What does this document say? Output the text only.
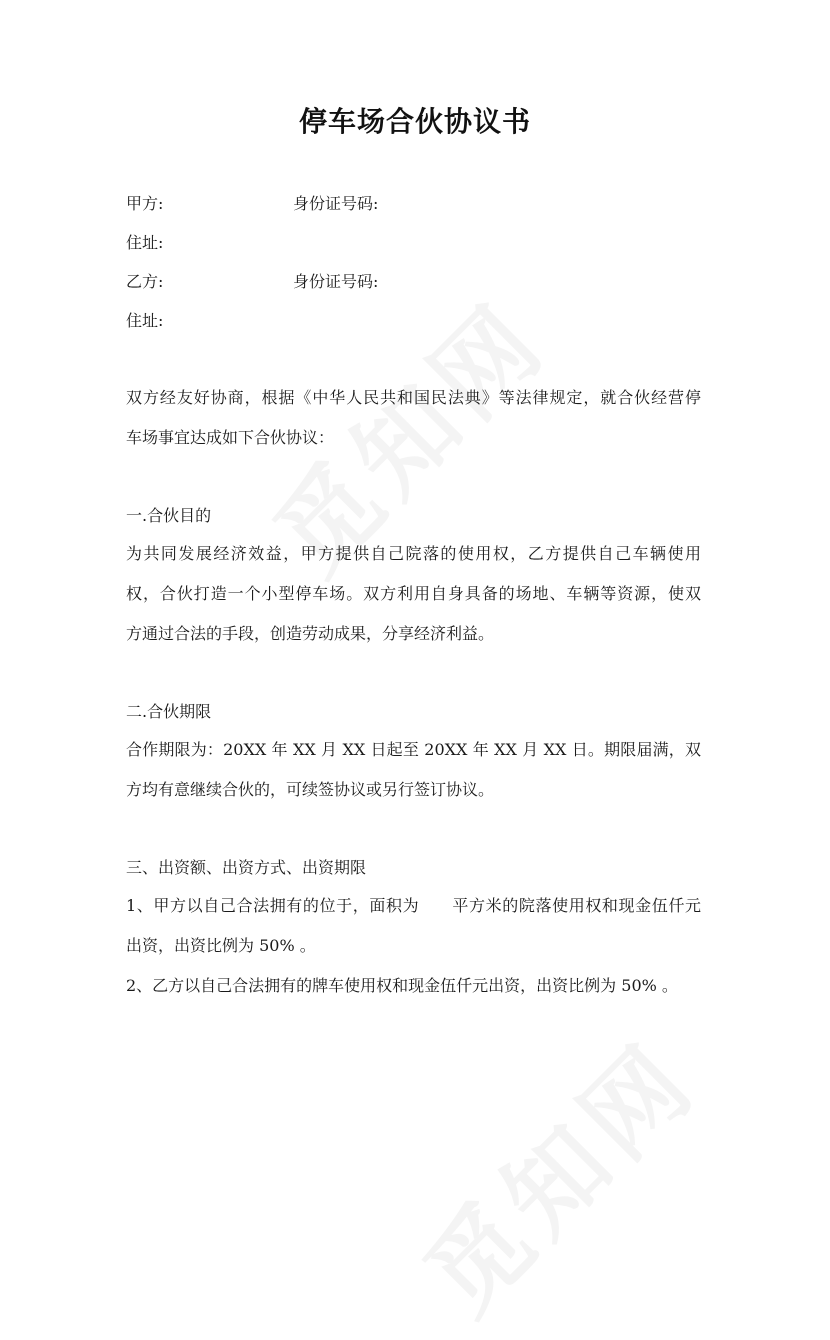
停车场合伙协议书
甲方:	身份证号码:
住址:
乙方:	身份证号码:
住址:
双方经友好协商，根据《中华人民共和国民法典》等法律规定，就合伙经营停
车场事宜达成如下合伙协议：
一.合伙目的
为共同发展经济效益，甲方提供自己院落的使用权，乙方提供自己车辆使用
权，合伙打造一个小型停车场。双方利用自身具备的场地、车辆等资源，使双
方通过合法的手段，创造劳动成果，分享经济利益。
二.合伙期限
合作期限为：20XX 年 XX 月 XX 日起至 20XX 年 XX 月 XX 日。期限届满，双
方均有意继续合伙的，可续签协议或另行签订协议。
三、出资额、出资方式、出资期限
1、甲方以自己合法拥有的位于，面积为　　平方米的院落使用权和现金伍仟元
出资，出资比例为 50% 。
2、乙方以自己合法拥有的牌车使用权和现金伍仟元出资，出资比例为 50% 。
